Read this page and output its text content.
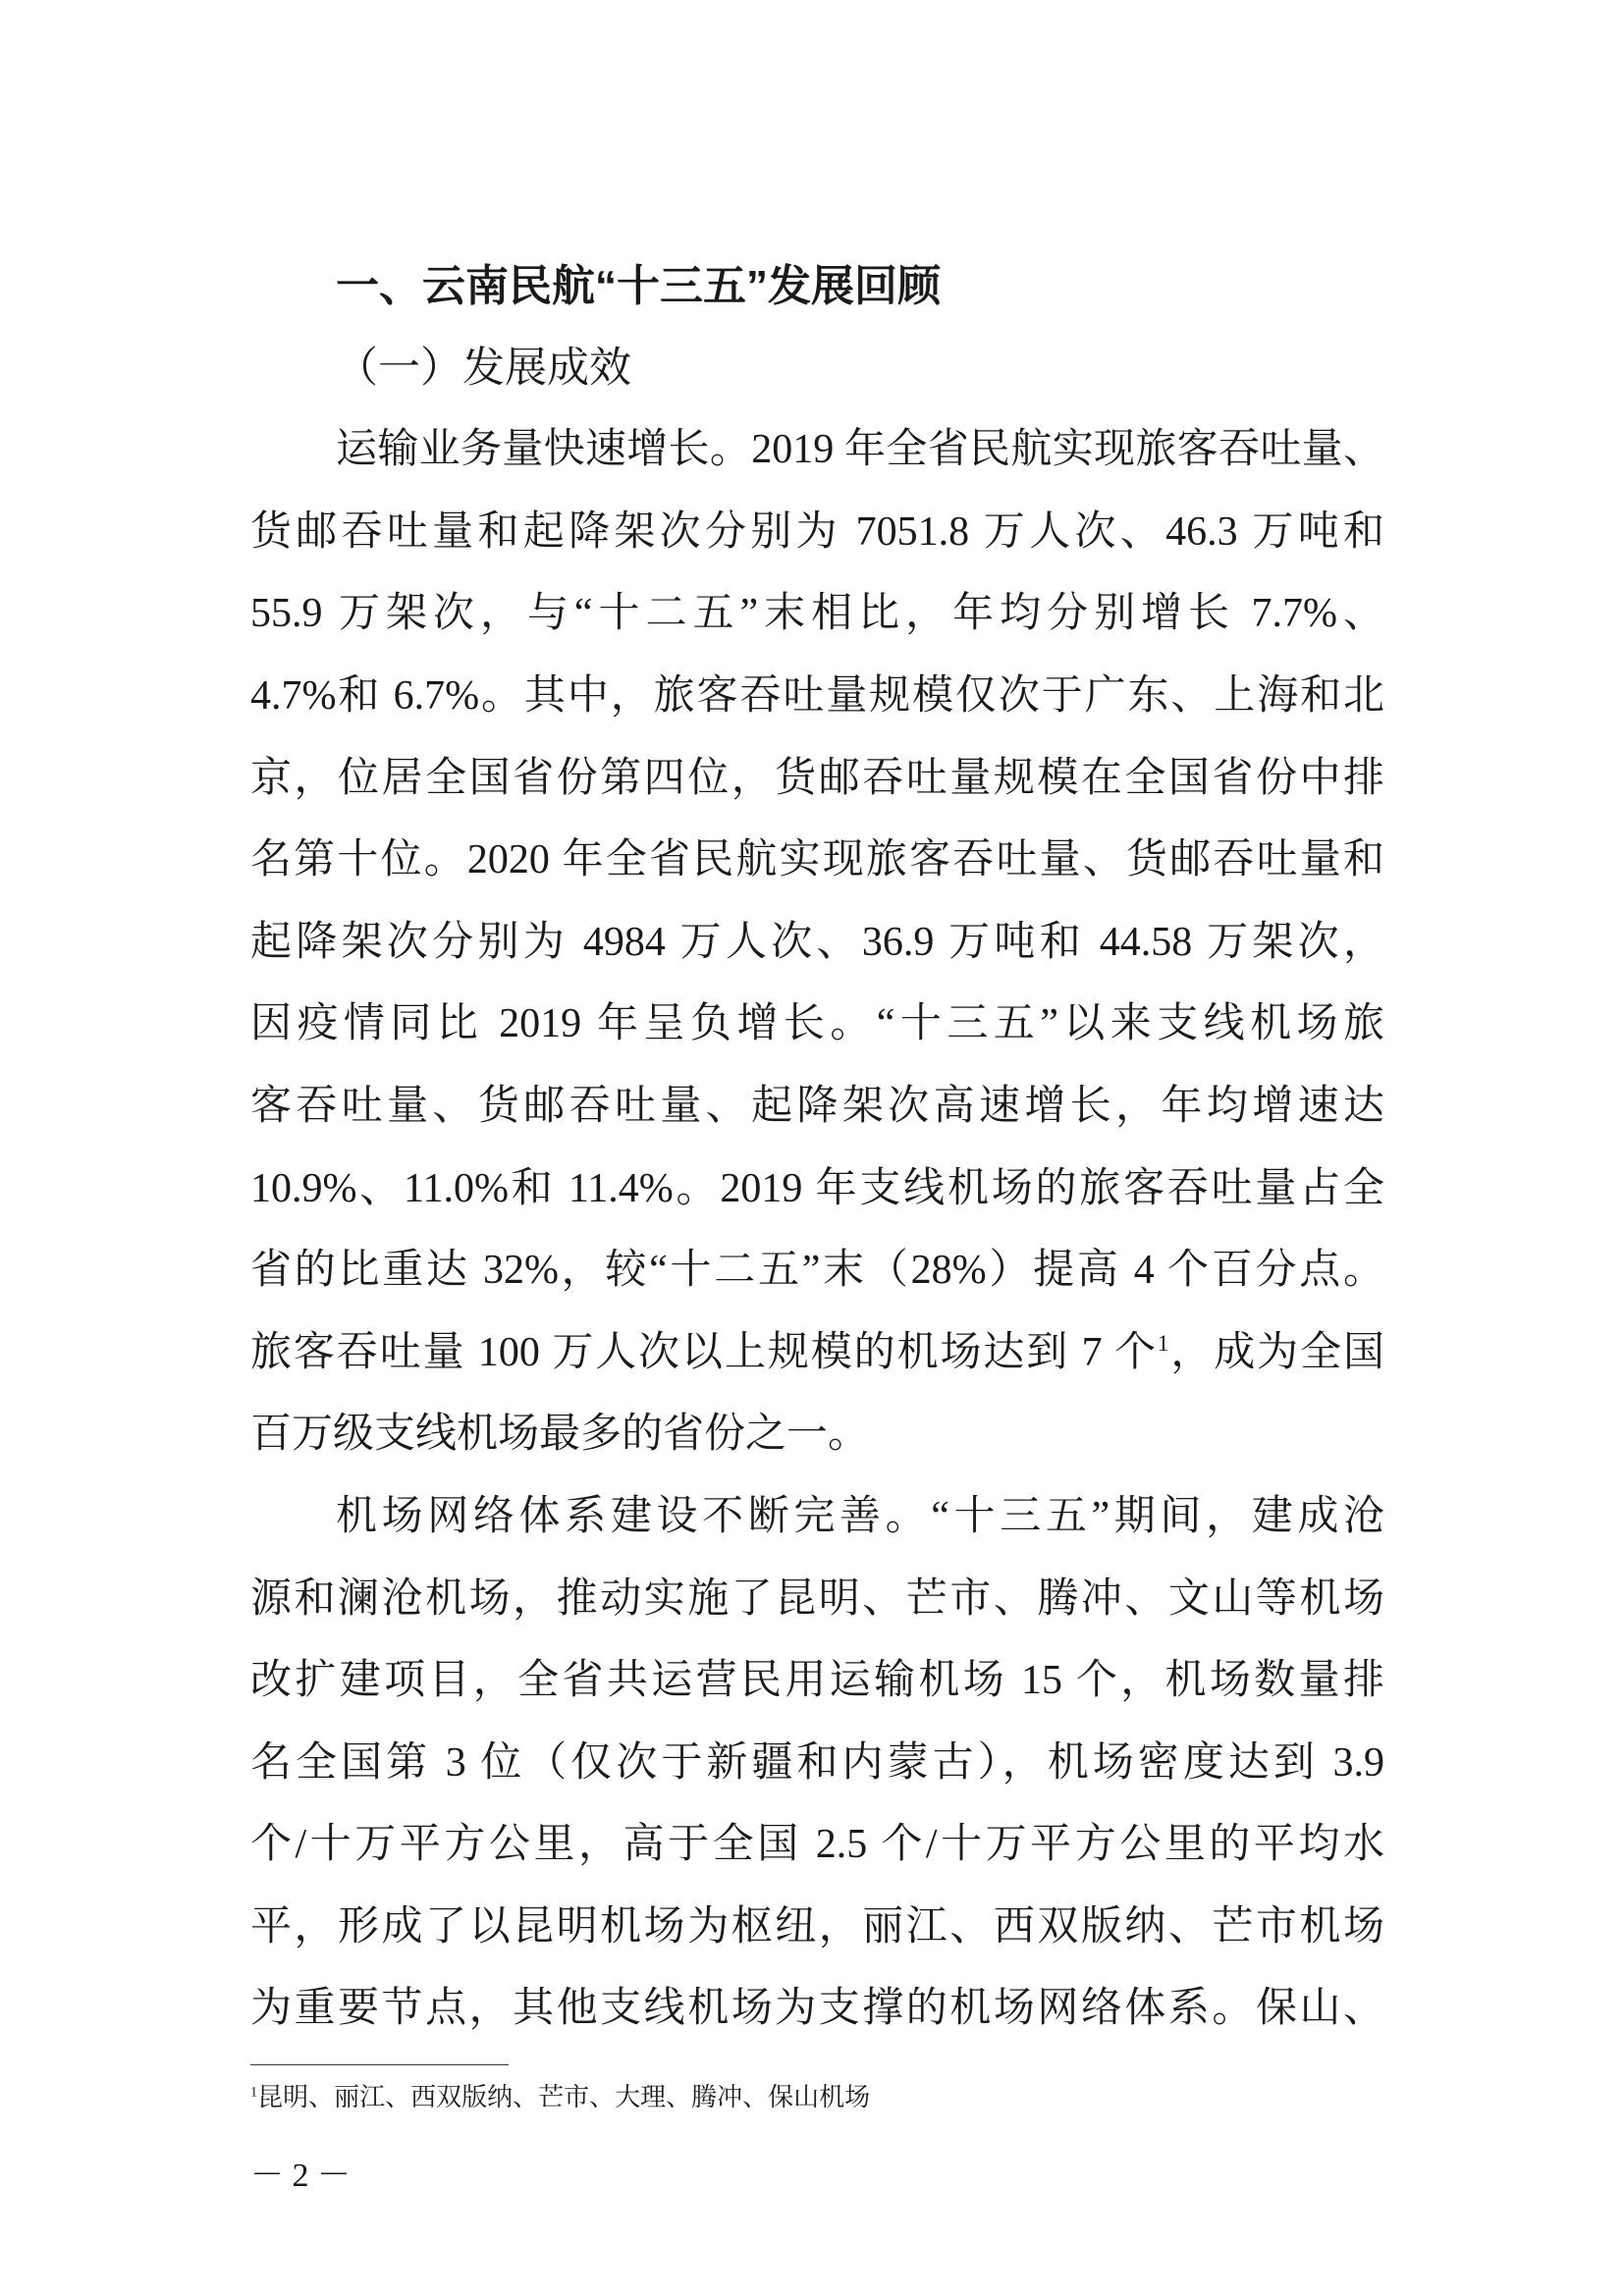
一、云南民航“十三五”发展回顾
（一）发展成效
运输业务量快速增长。2019 年全省民航实现旅客吞吐量、
货邮吞吐量和起降架次分别为 7051.8 万人次、46.3 万吨和
55.9 万架次，与“十二五”末相比，年均分别增长 7.7%、
4.7%和 6.7%。其中，旅客吞吐量规模仅次于广东、上海和北
京，位居全国省份第四位，货邮吞吐量规模在全国省份中排
名第十位。2020 年全省民航实现旅客吞吐量、货邮吞吐量和
起降架次分别为 4984 万人次、36.9 万吨和 44.58 万架次，
因疫情同比 2019 年呈负增长。“十三五”以来支线机场旅
客吞吐量、货邮吞吐量、起降架次高速增长，年均增速达
10.9%、11.0%和 11.4%。2019 年支线机场的旅客吞吐量占全
省的比重达 32%，较“十二五”末（28%）提高 4 个百分点。
旅客吞吐量 100 万人次以上规模的机场达到 7 个$^1$，成为全国
百万级支线机场最多的省份之一。
机场网络体系建设不断完善。“十三五”期间，建成沧
源和澜沧机场，推动实施了昆明、芒市、腾冲、文山等机场
改扩建项目，全省共运营民用运输机场 15 个，机场数量排
名全国第 3 位（仅次于新疆和内蒙古），机场密度达到 3.9
个/十万平方公里，高于全国 2.5 个/十万平方公里的平均水
平，形成了以昆明机场为枢纽，丽江、西双版纳、芒市机场
为重要节点，其他支线机场为支撑的机场网络体系。保山、
$^1$昆明、丽江、西双版纳、芒市、大理、腾冲、保山机场
－ 2 －
